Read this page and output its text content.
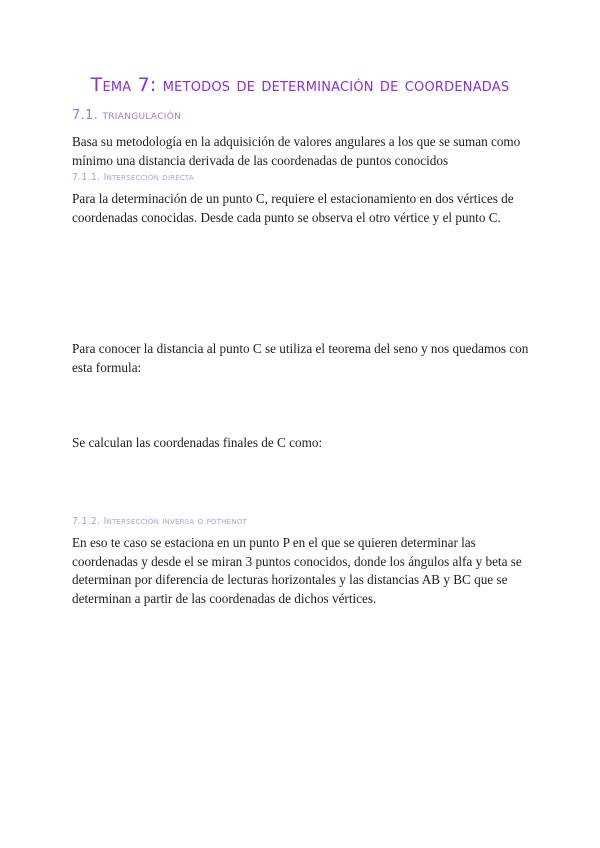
Tema 7: metodos de determinación de coordenadas
7.1. triangulación
Basa su metodología en la adquisición de valores angulares a los que se suman como mínimo una distancia derivada de las coordenadas de puntos conocidos
7.1.1. Intersección directa
Para la determinación de un punto C, requiere el estacionamiento en dos vértices de coordenadas conocidas. Desde cada punto se observa el otro vértice y el punto C.
Para conocer la distancia al punto C se utiliza el teorema del seno y nos quedamos con esta formula:
Se calculan las coordenadas finales de C como:
7.1.2. Intersección inversa o pothenot
En eso te caso se estaciona en un punto P en el que se quieren determinar las coordenadas y desde el se miran 3 puntos conocidos, donde los ángulos alfa y beta se determinan por diferencia de lecturas horizontales y las distancias AB y BC que se determinan a partir de las coordenadas de dichos vértices.
